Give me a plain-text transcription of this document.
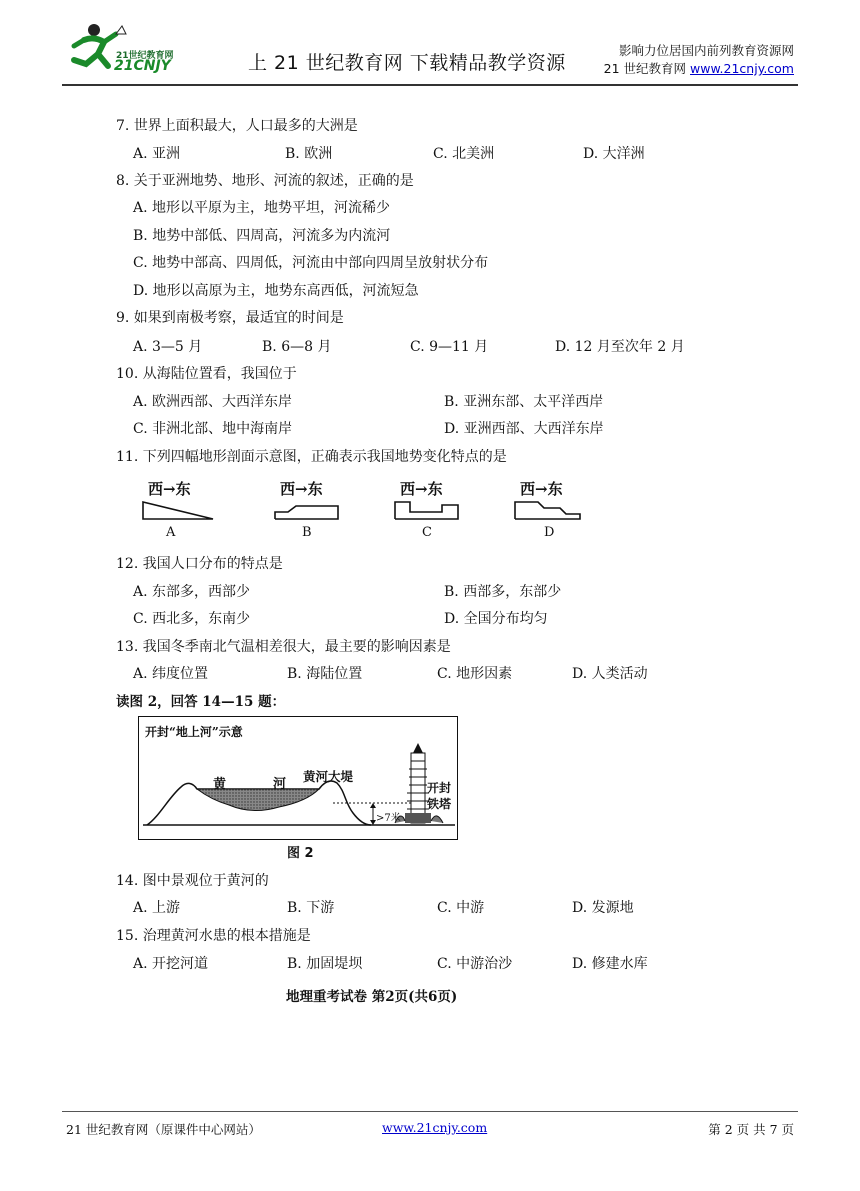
21世纪教育网
21CNJY	上 21 世纪教育网 下载精品教学资源
影响力位居国内前列教育资源网
21 世纪教育网 www.21cnjy.com
7. 世界上面积最大，人口最多的大洲是
A. 亚洲	B. 欧洲	C. 北美洲	D. 大洋洲
8. 关于亚洲地势、地形、河流的叙述，正确的是
A. 地形以平原为主，地势平坦，河流稀少
B. 地势中部低、四周高，河流多为内流河
C. 地势中部高、四周低，河流由中部向四周呈放射状分布
D. 地形以高原为主，地势东高西低，河流短急
9. 如果到南极考察，最适宜的时间是
A. 3—5 月	B. 6—8 月	C. 9—11 月	D. 12 月至次年 2 月
10. 从海陆位置看，我国位于
A. 欧洲西部、大西洋东岸	B. 亚洲东部、太平洋西岸
C. 非洲北部、地中海南岸	D. 亚洲西部、大西洋东岸
11. 下列四幅地形剖面示意图，正确表示我国地势变化特点的是
西→东
A
西→东
B
西→东
C
西→东
D
12. 我国人口分布的特点是
A. 东部多，西部少	B. 西部多，东部少
C. 西北多，东南少	D. 全国分布均匀
13. 我国冬季南北气温相差很大，最主要的影响因素是
A. 纬度位置	B. 海陆位置	C. 地形因素	D. 人类活动
读图 2，回答 14—15 题：
开封“地上河”示意
黄	河
黄河大堤
开封
铁塔
>7米
图 2
14. 图中景观位于黄河的
A. 上游	B. 下游	C. 中游	D. 发源地
15. 治理黄河水患的根本措施是
A. 开挖河道	B. 加固堤坝	C. 中游治沙	D. 修建水库
地理重考试卷 第2页(共6页)
21 世纪教育网（原课件中心网站）	www.21cnjy.com	第 2 页 共 7 页
